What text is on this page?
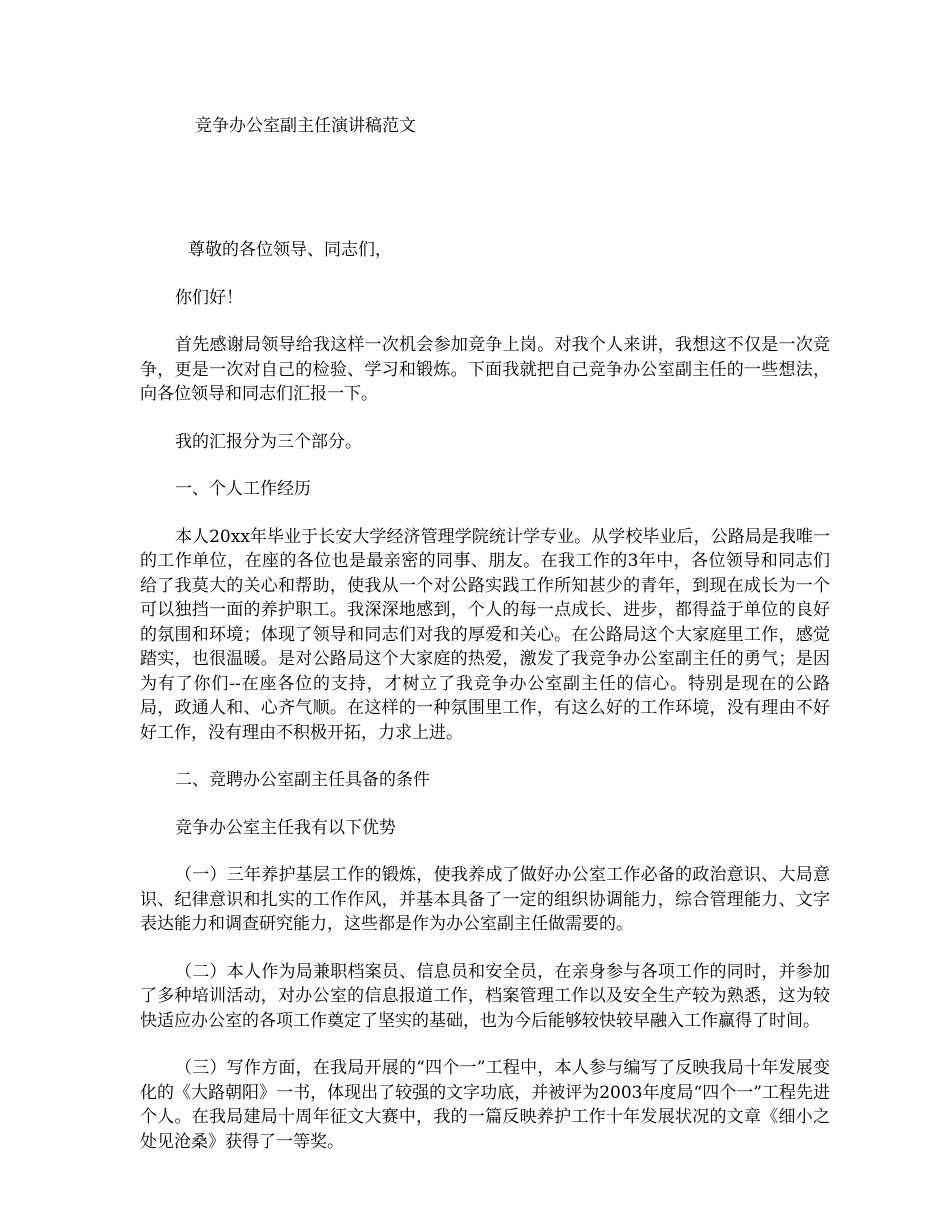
竞争办公室副主任演讲稿范文

尊敬的各位领导、同志们，

你们好！

首先感谢局领导给我这样一次机会参加竞争上岗。对我个人来讲，我想这不仅是一次竞争，更是一次对自己的检验、学习和锻炼。下面我就把自己竞争办公室副主任的一些想法，向各位领导和同志们汇报一下。

我的汇报分为三个部分。

一、个人工作经历

本人20xx年毕业于长安大学经济管理学院统计学专业。从学校毕业后，公路局是我唯一的工作单位，在座的各位也是最亲密的同事、朋友。在我工作的3年中，各位领导和同志们给了我莫大的关心和帮助，使我从一个对公路实践工作所知甚少的青年，到现在成长为一个可以独挡一面的养护职工。我深深地感到，个人的每一点成长、进步，都得益于单位的良好的氛围和环境；体现了领导和同志们对我的厚爱和关心。在公路局这个大家庭里工作，感觉踏实，也很温暖。是对公路局这个大家庭的热爱，激发了我竞争办公室副主任的勇气；是因为有了你们--在座各位的支持，才树立了我竞争办公室副主任的信心。特别是现在的公路局，政通人和、心齐气顺。在这样的一种氛围里工作，有这么好的工作环境，没有理由不好好工作，没有理由不积极开拓，力求上进。

二、竞聘办公室副主任具备的条件

竞争办公室主任我有以下优势

（一）三年养护基层工作的锻炼，使我养成了做好办公室工作必备的政治意识、大局意识、纪律意识和扎实的工作作风，并基本具备了一定的组织协调能力，综合管理能力、文字表达能力和调查研究能力，这些都是作为办公室副主任做需要的。

（二）本人作为局兼职档案员、信息员和安全员，在亲身参与各项工作的同时，并参加了多种培训活动，对办公室的信息报道工作，档案管理工作以及安全生产较为熟悉，这为较快适应办公室的各项工作奠定了坚实的基础，也为今后能够较快较早融入工作赢得了时间。

（三）写作方面，在我局开展的“四个一”工程中，本人参与编写了反映我局十年发展变化的《大路朝阳》一书，体现出了较强的文字功底，并被评为2003年度局“四个一”工程先进个人。在我局建局十周年征文大赛中，我的一篇反映养护工作十年发展状况的文章《细小之处见沧桑》获得了一等奖。
